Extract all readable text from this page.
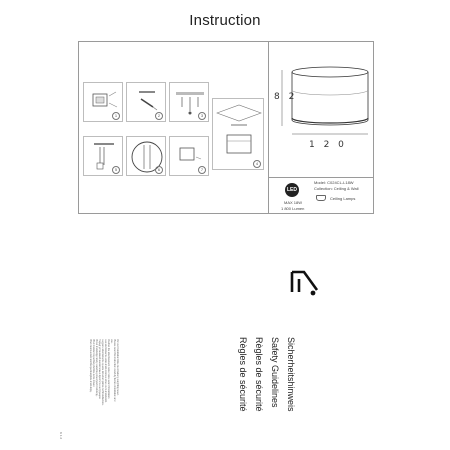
Instruction
1	2	3
4
5	6	7
8 2
1 2 0
LED
MAX 18W
1 800 Lumen
Model: C024CL-L18W
Collection: Ceiling & Wall
Ceiling Lamps
Sicherheitshinweis
Safety Guidelines
Règles de sécurité
Règles de sécurité
Vor der Installation bitte die Anleitung sorgfältig lesen.
Please read this instruction carefully before installation and
use.
Veuillez lire attentivement cette notice avant l'installation.
Lea atentamente estas instrucciones antes de la instalación.
Leggere attentamente queste istruzioni prima dell'installazione.
Перед установкой внимательно прочтите инструкцию.
Przed instalacją należy uważnie przeczytać instrukcję.
Před instalací si pečlivě přečtěte tento návod.
Prieš montuodami atidžiai perskaitykite instrukciją.
K 1 2
